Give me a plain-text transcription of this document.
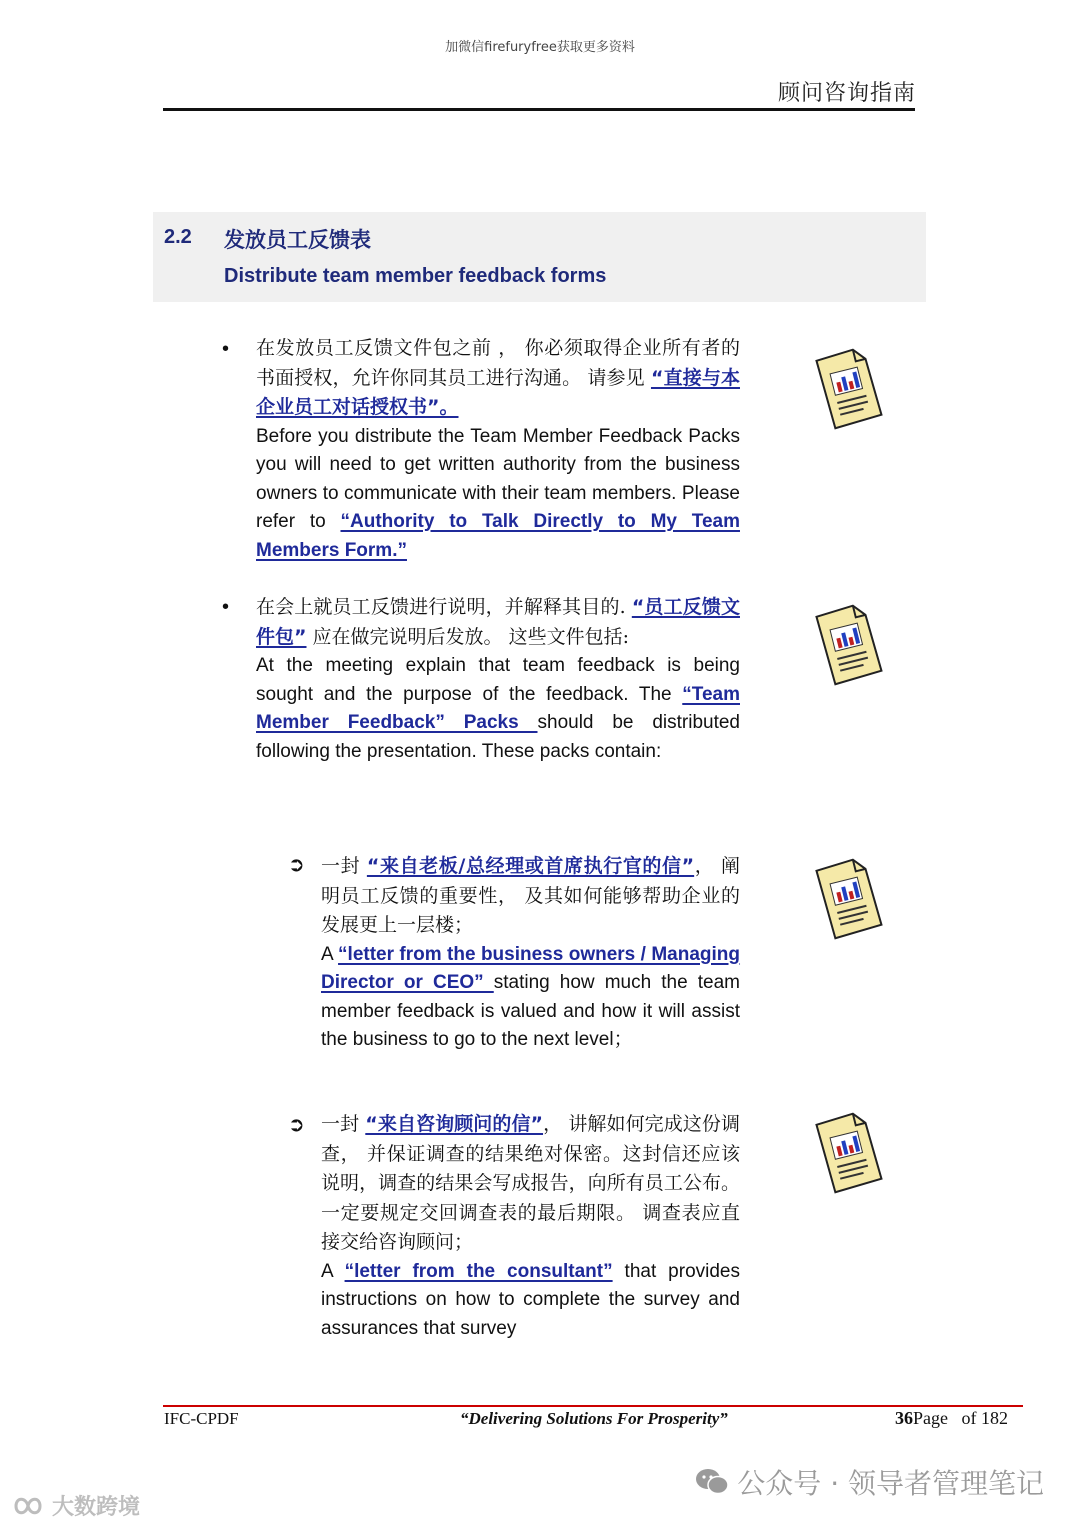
加微信firefuryfree获取更多资料
顾问咨询指南
2.2 发放员工反馈表
Distribute team member feedback forms
• 在发放员工反馈文件包之前 ， 你必须取得企业所有者的书面授权，允许你同其员工进行沟通。 请参见 “直接与本企业员工对话授权书”。
Before you distribute the Team Member Feedback Packs you will need to get written authority from the business owners to communicate with their team members. Please refer to “Authority to Talk Directly to My Team Members Form.”
• 在会上就员工反馈进行说明，并解释其目的. “员工反馈文件包” 应在做完说明后发放。 这些文件包括:
At the meeting explain that team feedback is being sought and the purpose of the feedback. The “Team Member Feedback” Packs should be distributed following the presentation. These packs contain:
➲ 一封 “来自老板/总经理或首席执行官的信”， 阐明员工反馈的重要性， 及其如何能够帮助企业的发展更上一层楼；
A “letter from the business owners / Managing Director or CEO” stating how much the team member feedback is valued and how it will assist the business to go to the next level；
➲ 一封 “来自咨询顾问的信”， 讲解如何完成这份调查， 并保证调查的结果绝对保密。这封信还应该说明，调查的结果会写成报告，向所有员工公布。 一定要规定交回调查表的最后期限。 调查表应直接交给咨询顾问；
A “letter from the consultant” that provides instructions on how to complete the survey and assurances that survey
IFC-CPDF	“Delivering Solutions For Prosperity”	36Page of 182
公众号 · 领导者管理笔记
大数跨境
